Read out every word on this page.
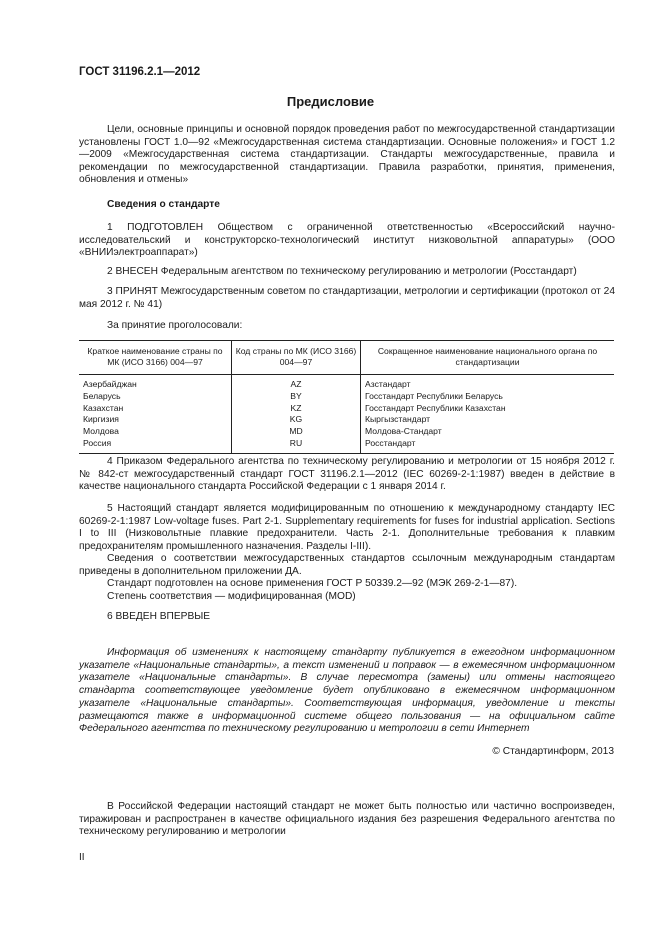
ГОСТ 31196.2.1—2012
Предисловие
Цели, основные принципы и основной порядок проведения работ по межгосударственной стандартизации установлены ГОСТ 1.0—92 «Межгосударственная система стандартизации. Основные положения» и ГОСТ 1.2—2009 «Межгосударственная система стандартизации. Стандарты межгосударственные, правила и рекомендации по межгосударственной стандартизации. Правила разработки, принятия, применения, обновления и отмены»
Сведения о стандарте
1 ПОДГОТОВЛЕН Обществом с ограниченной ответственностью «Всероссийский научно-исследовательский и конструкторско-технологический институт низковольтной аппаратуры» (ООО «ВНИИэлектроаппарат»)
2 ВНЕСЕН Федеральным агентством по техническому регулированию и метрологии (Росстандарт)
3 ПРИНЯТ Межгосударственным советом по стандартизации, метрологии и сертификации (протокол от 24 мая 2012 г. № 41)
За принятие проголосовали:
Краткое наименование страны по МК (ИСО 3166) 004—97	Код страны по МК (ИСО 3166) 004—97	Сокращенное наименование национального органа по стандартизации
Азербайджан	AZ	Азстандарт
Беларусь	BY	Госстандарт Республики Беларусь
Казахстан	KZ	Госстандарт Республики Казахстан
Киргизия	KG	Кыргызстандарт
Молдова	MD	Молдова-Стандарт
Россия	RU	Росстандарт
4 Приказом Федерального агентства по техническому регулированию и метрологии от 15 ноября 2012 г. № 842-ст межгосударственный стандарт ГОСТ 31196.2.1—2012 (IEC 60269-2-1:1987) введен в действие в качестве национального стандарта Российской Федерации с 1 января 2014 г.
5 Настоящий стандарт является модифицированным по отношению к международному стандарту IEC 60269-2-1:1987 Low-voltage fuses. Part 2-1. Supplementary requirements for fuses for industrial application. Sections I to III (Низковольтные плавкие предохранители. Часть 2-1. Дополнительные требования к плавким предохранителям промышленного назначения. Разделы I-III).
Сведения о соответствии межгосударственных стандартов ссылочным международным стандартам приведены в дополнительном приложении ДА.
Стандарт подготовлен на основе применения ГОСТ Р 50339.2—92 (МЭК 269-2-1—87).
Степень соответствия — модифицированная (MOD)
6 ВВЕДЕН ВПЕРВЫЕ
Информация об изменениях к настоящему стандарту публикуется в ежегодном информационном указателе «Национальные стандарты», а текст изменений и поправок — в ежемесячном информационном указателе «Национальные стандарты». В случае пересмотра (замены) или отмены настоящего стандарта соответствующее уведомление будет опубликовано в ежемесячном информационном указателе «Национальные стандарты». Соответствующая информация, уведомление и тексты размещаются также в информационной системе общего пользования — на официальном сайте Федерального агентства по техническому регулированию и метрологии в сети Интернет
© Стандартинформ, 2013
В Российской Федерации настоящий стандарт не может быть полностью или частично воспроизведен, тиражирован и распространен в качестве официального издания без разрешения Федерального агентства по техническому регулированию и метрологии
II
